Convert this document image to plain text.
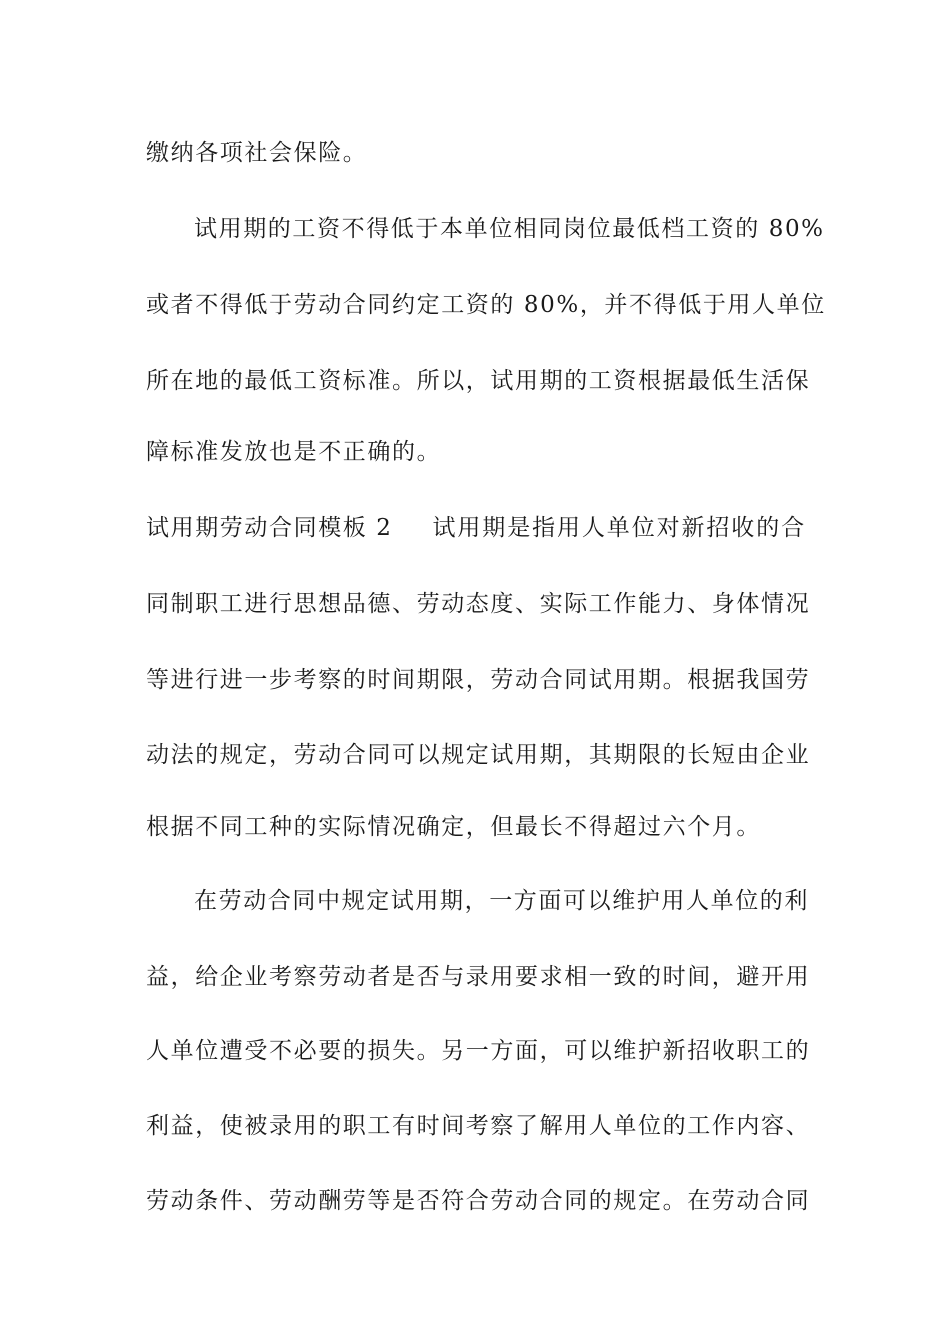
缴纳各项社会保险。
试用期的工资不得低于本单位相同岗位最低档工资的 80%
或者不得低于劳动合同约定工资的 80%，并不得低于用人单位
所在地的最低工资标准。所以，试用期的工资根据最低生活保
障标准发放也是不正确的。
试用期劳动合同模板 2 试用期是指用人单位对新招收的合
同制职工进行思想品德、劳动态度、实际工作能力、身体情况
等进行进一步考察的时间期限，劳动合同试用期。根据我国劳
动法的规定，劳动合同可以规定试用期，其期限的长短由企业
根据不同工种的实际情况确定，但最长不得超过六个月。
在劳动合同中规定试用期，一方面可以维护用人单位的利
益，给企业考察劳动者是否与录用要求相一致的时间，避开用
人单位遭受不必要的损失。另一方面，可以维护新招收职工的
利益，使被录用的职工有时间考察了解用人单位的工作内容、
劳动条件、劳动酬劳等是否符合劳动合同的规定。在劳动合同
